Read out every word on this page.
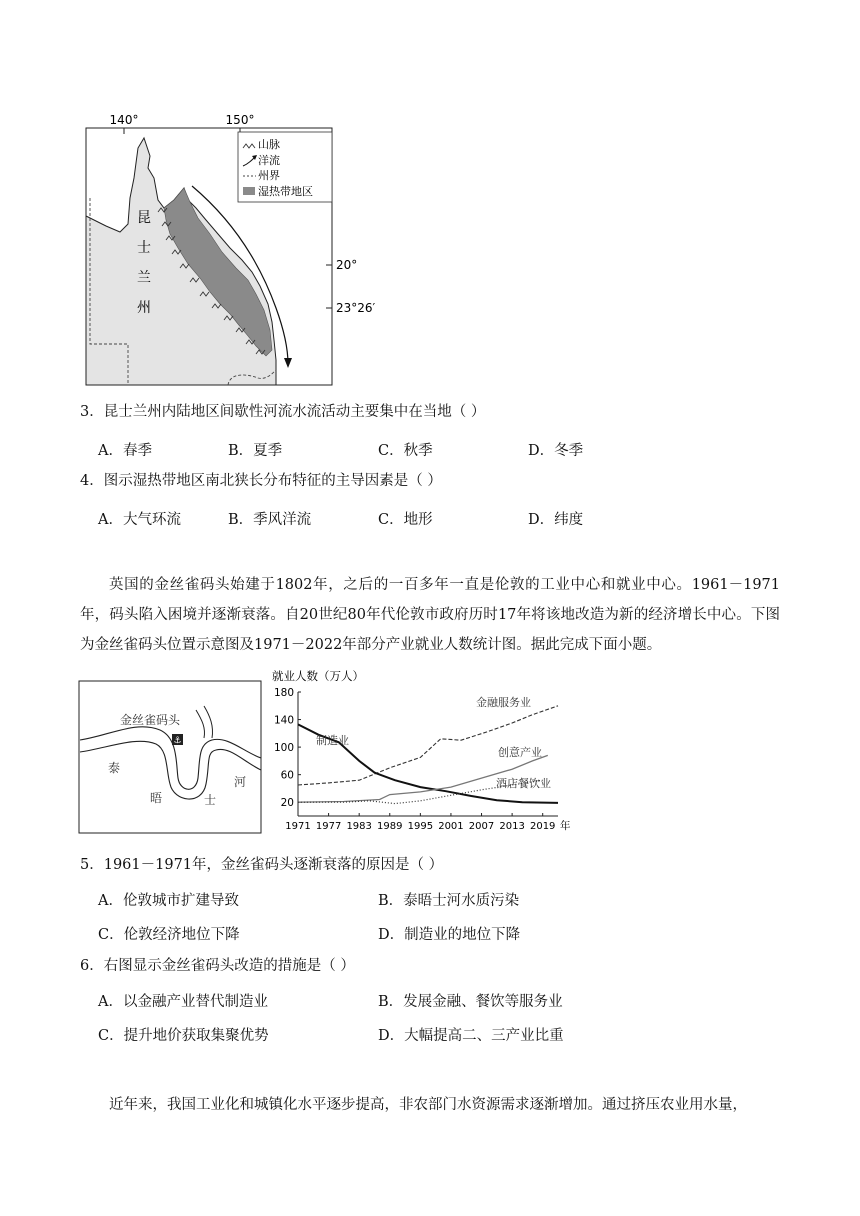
140°	150°
昆
士
兰
州
山脉
洋流
州界
湿热带地区
20°
23°26′
3．昆士兰州内陆地区间歇性河流水流活动主要集中在当地（ ）
A．春季	B．夏季	C．秋季	D．冬季
4．图示湿热带地区南北狭长分布特征的主导因素是（ ）
A．大气环流	B．季风洋流	C．地形	D．纬度
英国的金丝雀码头始建于1802年，之后的一百多年一直是伦敦的工业中心和就业中心。1961－1971年，码头陷入困境并逐渐衰落。自20世纪80年代伦敦市政府历时17年将该地改造为新的经济增长中心。下图为金丝雀码头位置示意图及1971－2022年部分产业就业人数统计图。据此完成下面小题。
⚓
金丝雀码头
泰
晤	士
河
就业人数（万人）
20
60
100
140
180
1971 1977 1983 1989 1995 2001 2007 2013 2019 年
金融服务业
制造业
创意产业
酒店餐饮业
5．1961－1971年，金丝雀码头逐渐衰落的原因是（ ）
A．伦敦城市扩建导致	B．泰晤士河水质污染
C．伦敦经济地位下降	D．制造业的地位下降
6．右图显示金丝雀码头改造的措施是（ ）
A．以金融产业替代制造业	B．发展金融、餐饮等服务业
C．提升地价获取集聚优势	D．大幅提高二、三产业比重
近年来，我国工业化和城镇化水平逐步提高，非农部门水资源需求逐渐增加。通过挤压农业用水量，
